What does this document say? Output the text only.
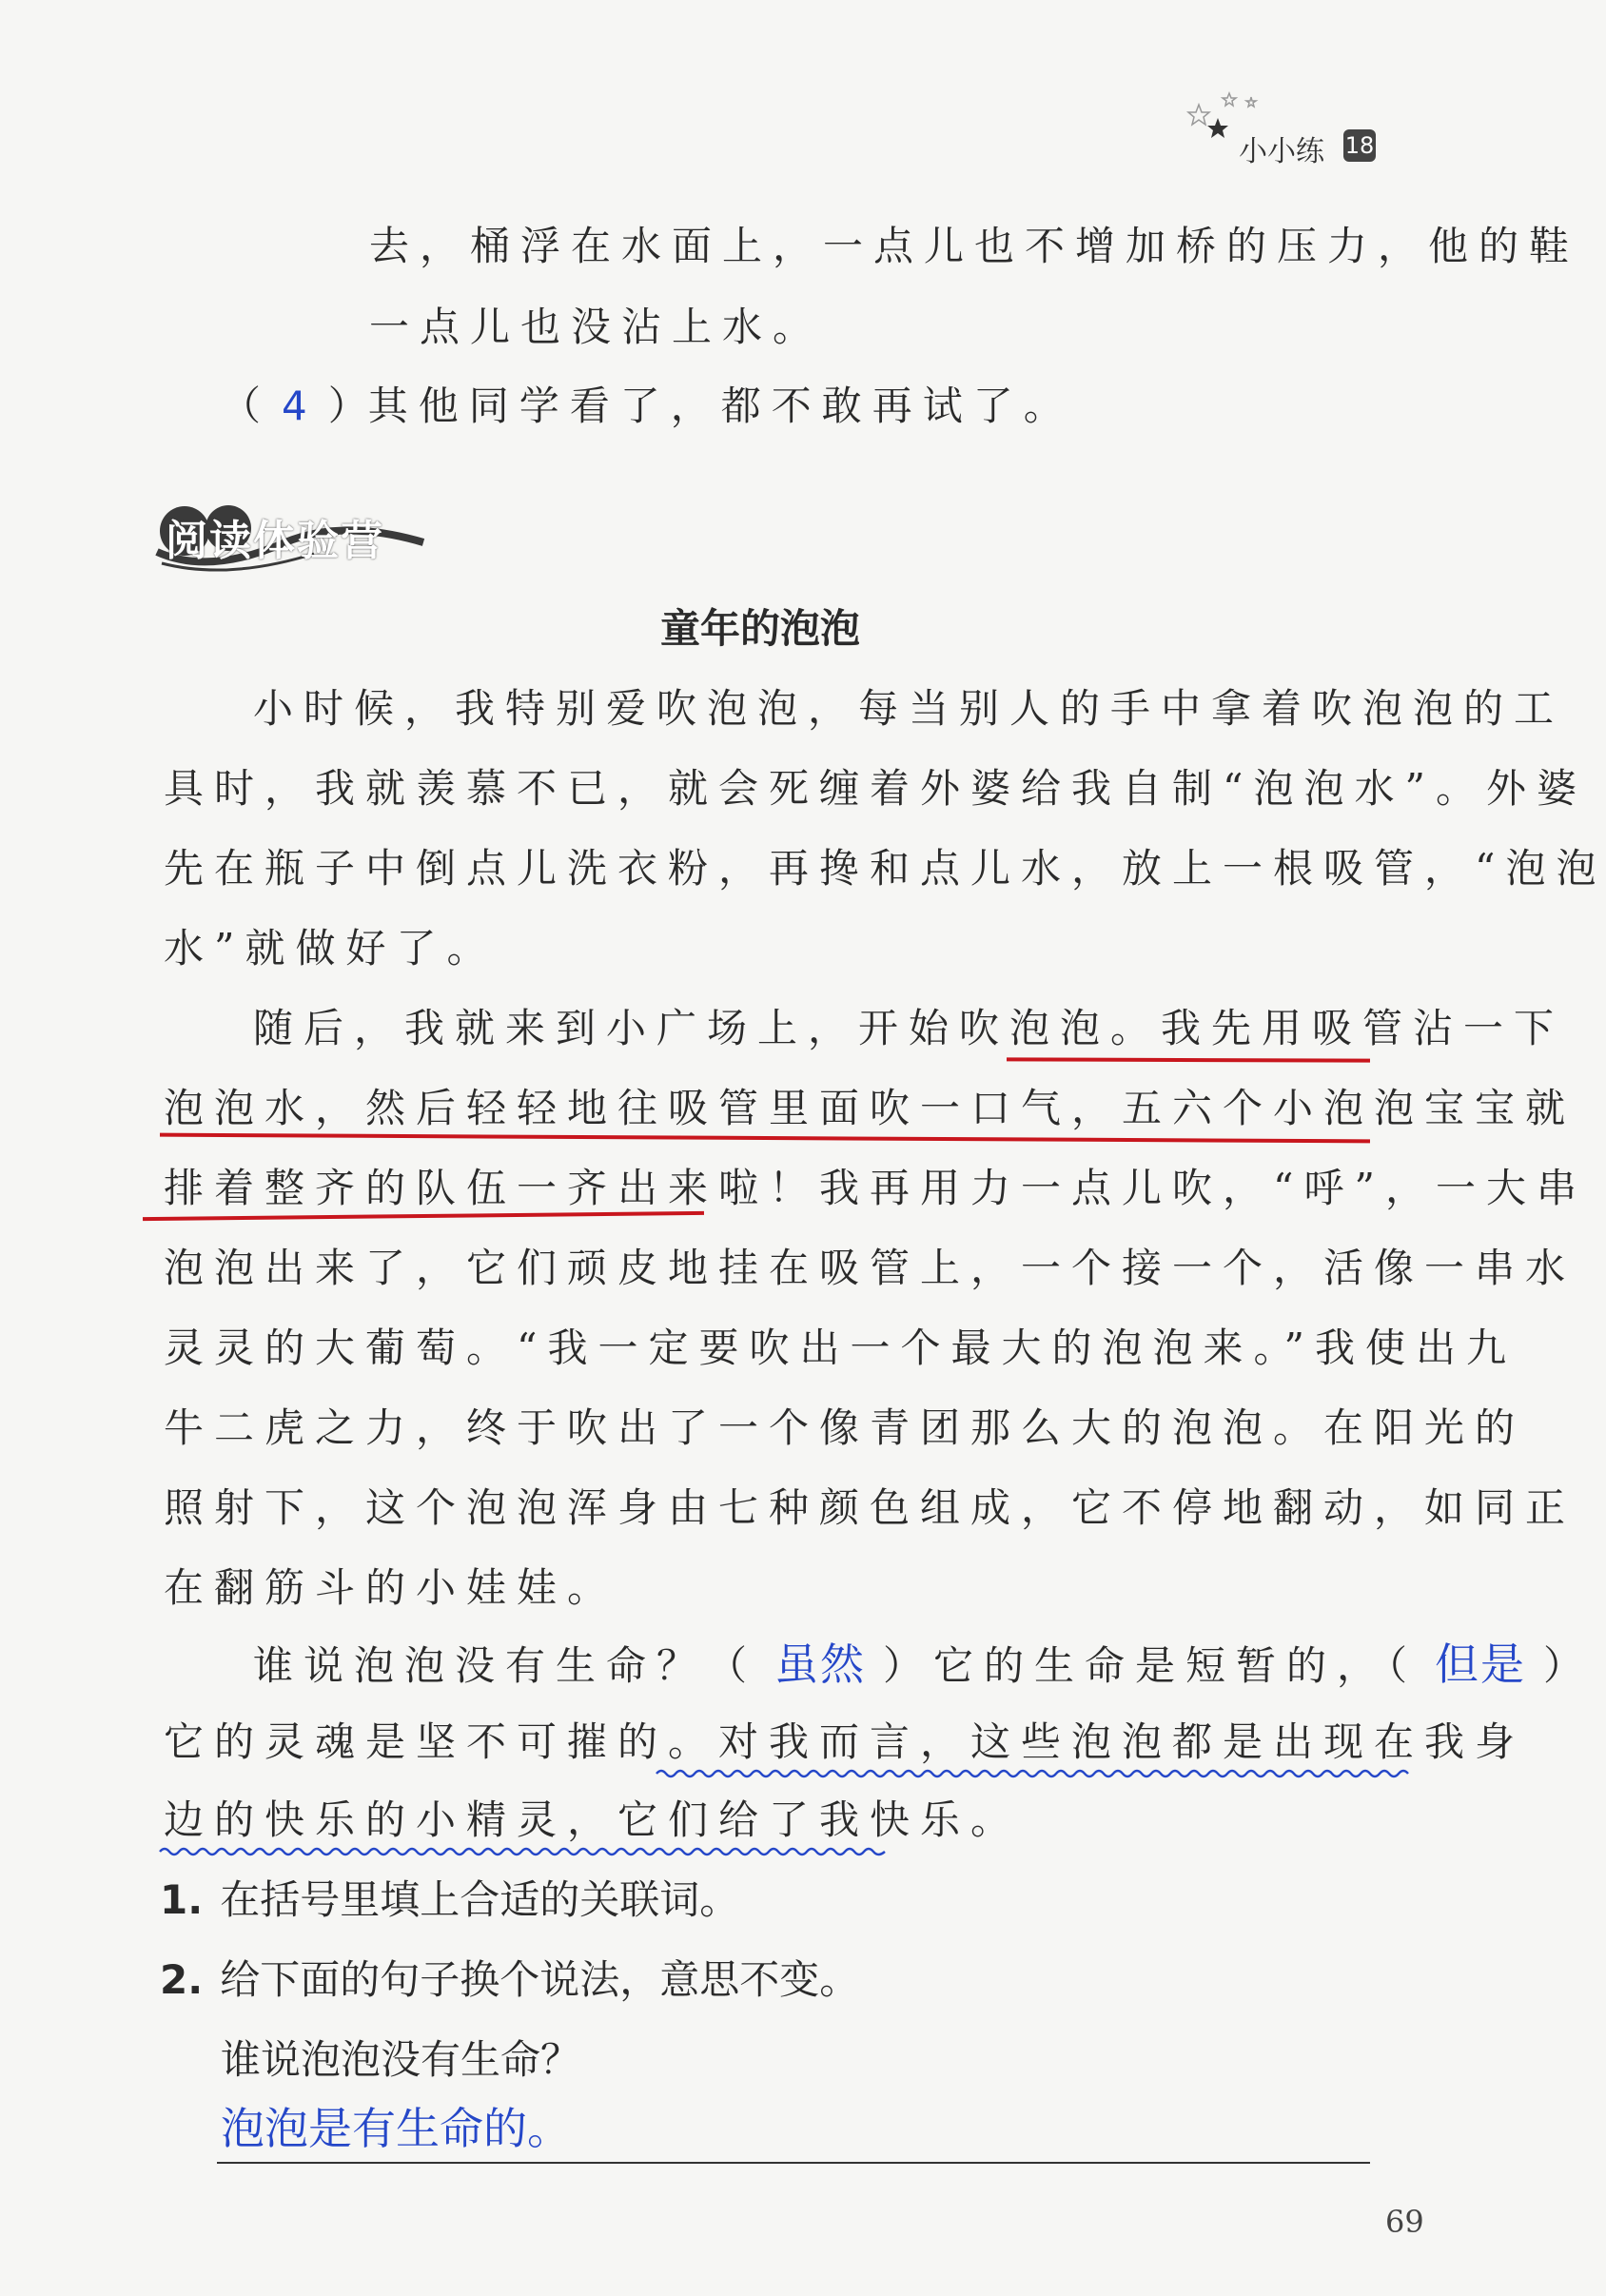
小小练 18
去，桶浮在水面上，一点儿也不增加桥的压力，他的鞋
一点儿也没沾上水。
（ 4 ）其他同学看了，都不敢再试了。
阅读体验营
童年的泡泡
小时候，我特别爱吹泡泡，每当别人的手中拿着吹泡泡的工
具时，我就羡慕不已，就会死缠着外婆给我自制“泡泡水”。外婆
先在瓶子中倒点儿洗衣粉，再搀和点儿水，放上一根吸管，“泡泡
水”就做好了。
随后，我就来到小广场上，开始吹泡泡。我先用吸管沾一下
泡泡水，然后轻轻地往吸管里面吹一口气，五六个小泡泡宝宝就
排着整齐的队伍一齐出来啦！我再用力一点儿吹，“呼”，一大串
泡泡出来了，它们顽皮地挂在吸管上，一个接一个，活像一串水
灵灵的大葡萄。“我一定要吹出一个最大的泡泡来。”我使出九
牛二虎之力，终于吹出了一个像青团那么大的泡泡。在阳光的
照射下，这个泡泡浑身由七种颜色组成，它不停地翻动，如同正
在翻筋斗的小娃娃。
谁说泡泡没有生命？（ 虽然 ）它的生命是短暂的，（ 但是 ）
它的灵魂是坚不可摧的。对我而言，这些泡泡都是出现在我身
边的快乐的小精灵，它们给了我快乐。
1. 在括号里填上合适的关联词。
2. 给下面的句子换个说法，意思不变。
谁说泡泡没有生命？
泡泡是有生命的。
69
